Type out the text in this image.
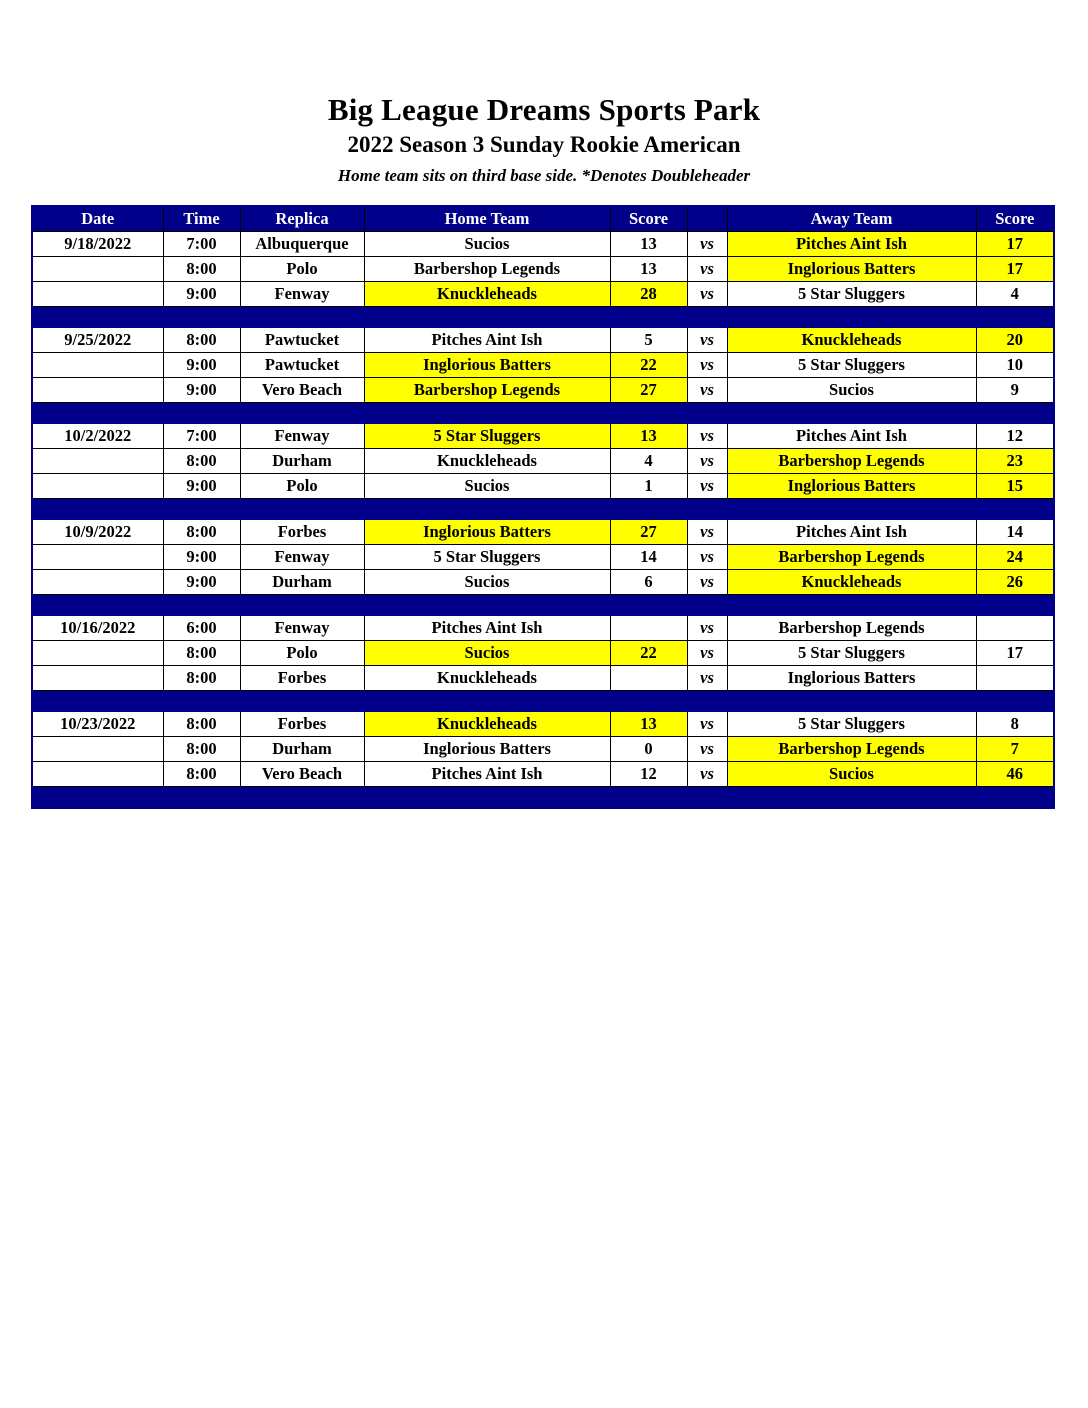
Big League Dreams Sports Park
2022 Season 3 Sunday Rookie American
Home team sits on third base side. *Denotes Doubleheader
Date	Time	Replica	Home Team	Score		Away Team	Score
9/18/2022	7:00	Albuquerque	Sucios	13	vs	Pitches Aint Ish	17
	8:00	Polo	Barbershop Legends	13	vs	Inglorious Batters	17
	9:00	Fenway	Knuckleheads	28	vs	5 Star Sluggers	4

9/25/2022	8:00	Pawtucket	Pitches Aint Ish	5	vs	Knuckleheads	20
	9:00	Pawtucket	Inglorious Batters	22	vs	5 Star Sluggers	10
	9:00	Vero Beach	Barbershop Legends	27	vs	Sucios	9

10/2/2022	7:00	Fenway	5 Star Sluggers	13	vs	Pitches Aint Ish	12
	8:00	Durham	Knuckleheads	4	vs	Barbershop Legends	23
	9:00	Polo	Sucios	1	vs	Inglorious Batters	15

10/9/2022	8:00	Forbes	Inglorious Batters	27	vs	Pitches Aint Ish	14
	9:00	Fenway	5 Star Sluggers	14	vs	Barbershop Legends	24
	9:00	Durham	Sucios	6	vs	Knuckleheads	26

10/16/2022	6:00	Fenway	Pitches Aint Ish		vs	Barbershop Legends	
	8:00	Polo	Sucios	22	vs	5 Star Sluggers	17
	8:00	Forbes	Knuckleheads		vs	Inglorious Batters	

10/23/2022	8:00	Forbes	Knuckleheads	13	vs	5 Star Sluggers	8
	8:00	Durham	Inglorious Batters	0	vs	Barbershop Legends	7
	8:00	Vero Beach	Pitches Aint Ish	12	vs	Sucios	46
